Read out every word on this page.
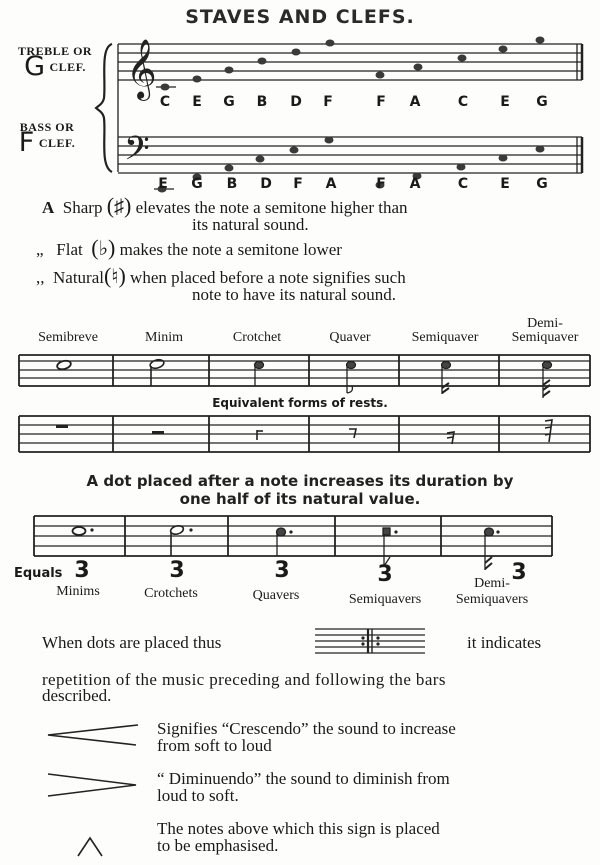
STAVES AND CLEFS.
TREBLE OR
GCLEF.
BASS OR
FCLEF.
𝄞
𝄢
C	E	G	B	D	F	F	A	C	E	G
E	G	B	D	F	A	F	A	C	E	G
A Sharp (♯) elevates the note a semitone higher than
its natural sound.
„ Flat (♭) makes the note a semitone lower
,, Natural(♮) when placed before a note signifies such
note to have its natural sound.
Semibreve	Minim	Crotchet	Quaver	Semiquaver
Demi-
Semiquaver
Equivalent forms of rests.
A dot placed after a note increases its duration by
one half of its natural value.
Equals 3	3	3	3	3
Minims	Crotchets	Quavers	Semiquavers
Demi-
Semiquavers
When dots are placed thus	it indicates
repetition of the music preceding and following the bars
described.
Signifies “Crescendo” the sound to increase
from soft to loud
“ Diminuendo” the sound to diminish from
loud to soft.
The notes above which this sign is placed
to be emphasised.
